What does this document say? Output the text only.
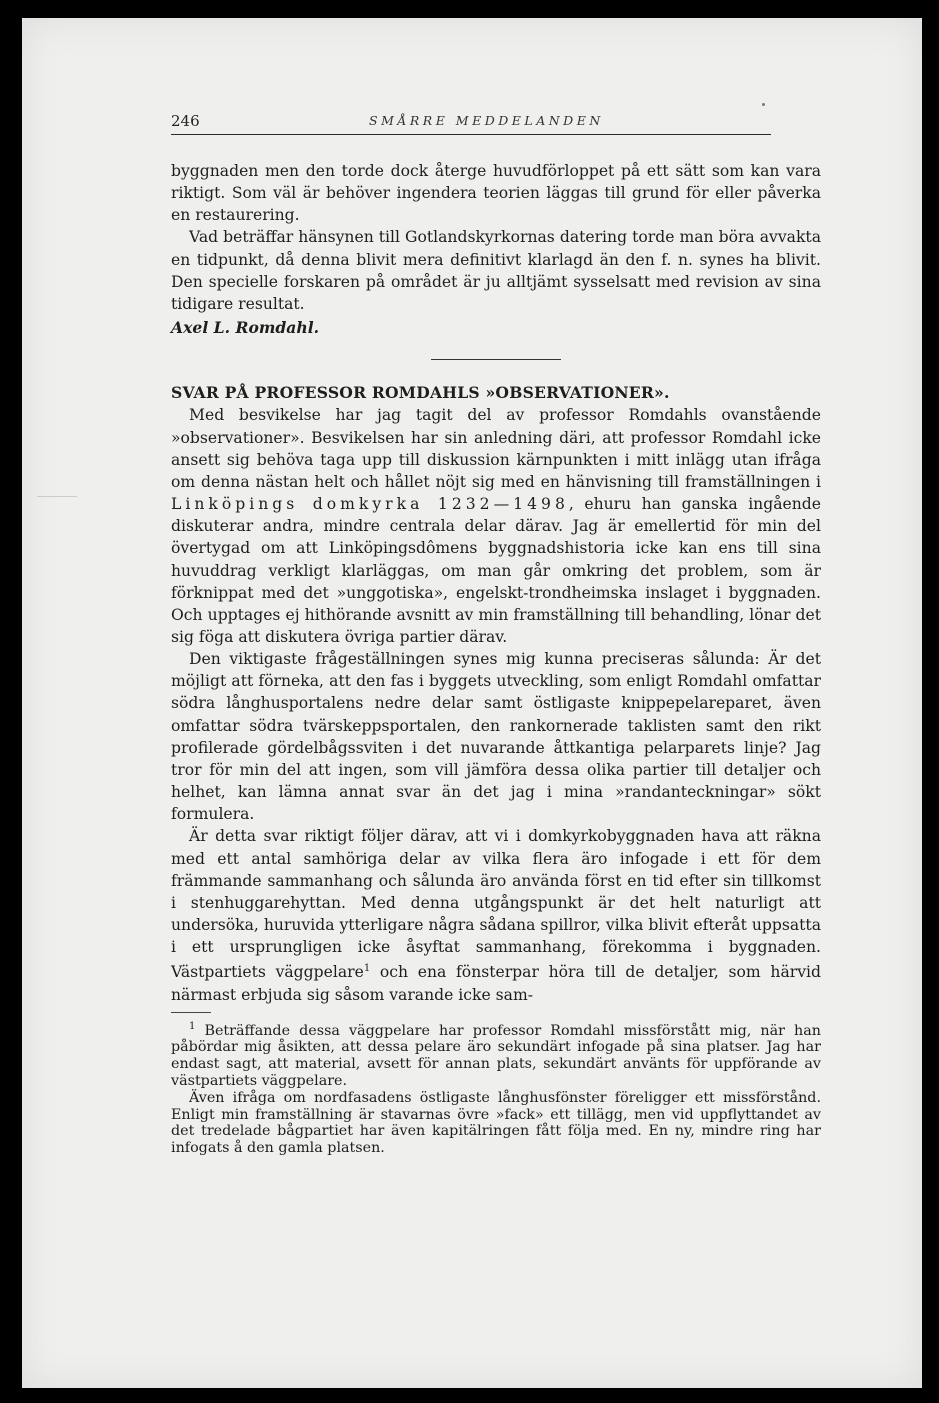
246	SMÅRRE MEDDELANDEN

byggnaden men den torde dock återge huvudförloppet på ett sätt som kan vara riktigt. Som väl är behöver ingendera teorien läggas till grund för eller påverka en restaurering.

Vad beträffar hänsynen till Gotlandskyrkornas datering torde man böra avvakta en tidpunkt, då denna blivit mera definitivt klarlagd än den f. n. synes ha blivit. Den specielle forskaren på området är ju alltjämt sysselsatt med revision av sina tidigare resultat.

Axel L. Romdahl.

SVAR PÅ PROFESSOR ROMDAHLS »OBSERVATIONER».

Med besvikelse har jag tagit del av professor Romdahls ovanstående »observationer». Besvikelsen har sin anledning däri, att professor Romdahl icke ansett sig behöva taga upp till diskussion kärnpunkten i mitt inlägg utan ifråga om denna nästan helt och hållet nöjt sig med en hänvisning till framställningen i Linköpings domkyrka 1232—1498, ehuru han ganska ingående diskuterar andra, mindre centrala delar därav. Jag är emellertid för min del övertygad om att Linköpingsdômens byggnadshistoria icke kan ens till sina huvuddrag verkligt klarläggas, om man går omkring det problem, som är förknippat med det »unggotiska», engelskt-trondheimska inslaget i byggnaden. Och upptages ej hithörande avsnitt av min framställning till behandling, lönar det sig föga att diskutera övriga partier därav.

Den viktigaste frågeställningen synes mig kunna preciseras sålunda: Är det möjligt att förneka, att den fas i byggets utveckling, som enligt Romdahl omfattar södra långhusportalens nedre delar samt östligaste knippepelareparet, även omfattar södra tvärskeppsportalen, den rankornerade taklisten samt den rikt profilerade gördelbågssviten i det nuvarande åttkantiga pelarparets linje? Jag tror för min del att ingen, som vill jämföra dessa olika partier till detaljer och helhet, kan lämna annat svar än det jag i mina »randanteckningar» sökt formulera.

Är detta svar riktigt följer därav, att vi i domkyrkobyggnaden hava att räkna med ett antal samhöriga delar av vilka flera äro infogade i ett för dem främmande sammanhang och sålunda äro använda först en tid efter sin tillkomst i stenhuggarehyttan. Med denna utgångspunkt är det helt naturligt att undersöka, huruvida ytterligare några sådana spillror, vilka blivit efteråt uppsatta i ett ursprungligen icke åsyftat sammanhang, förekomma i byggnaden. Västpartiets väggpelare$^1$ och ena fönsterpar höra till de detaljer, som härvid närmast erbjuda sig såsom varande icke sam-

$^1$ Beträffande dessa väggpelare har professor Romdahl missförstått mig, när han påbördar mig åsikten, att dessa pelare äro sekundärt infogade på sina platser. Jag har endast sagt, att material, avsett för annan plats, sekundärt använts för uppförande av västpartiets väggpelare.

Även ifråga om nordfasadens östligaste långhusfönster föreligger ett missförstånd. Enligt min framställning är stavarnas övre »fack» ett tillägg, men vid uppflyttandet av det tredelade bågpartiet har även kapitälringen fått följa med. En ny, mindre ring har infogats å den gamla platsen.
